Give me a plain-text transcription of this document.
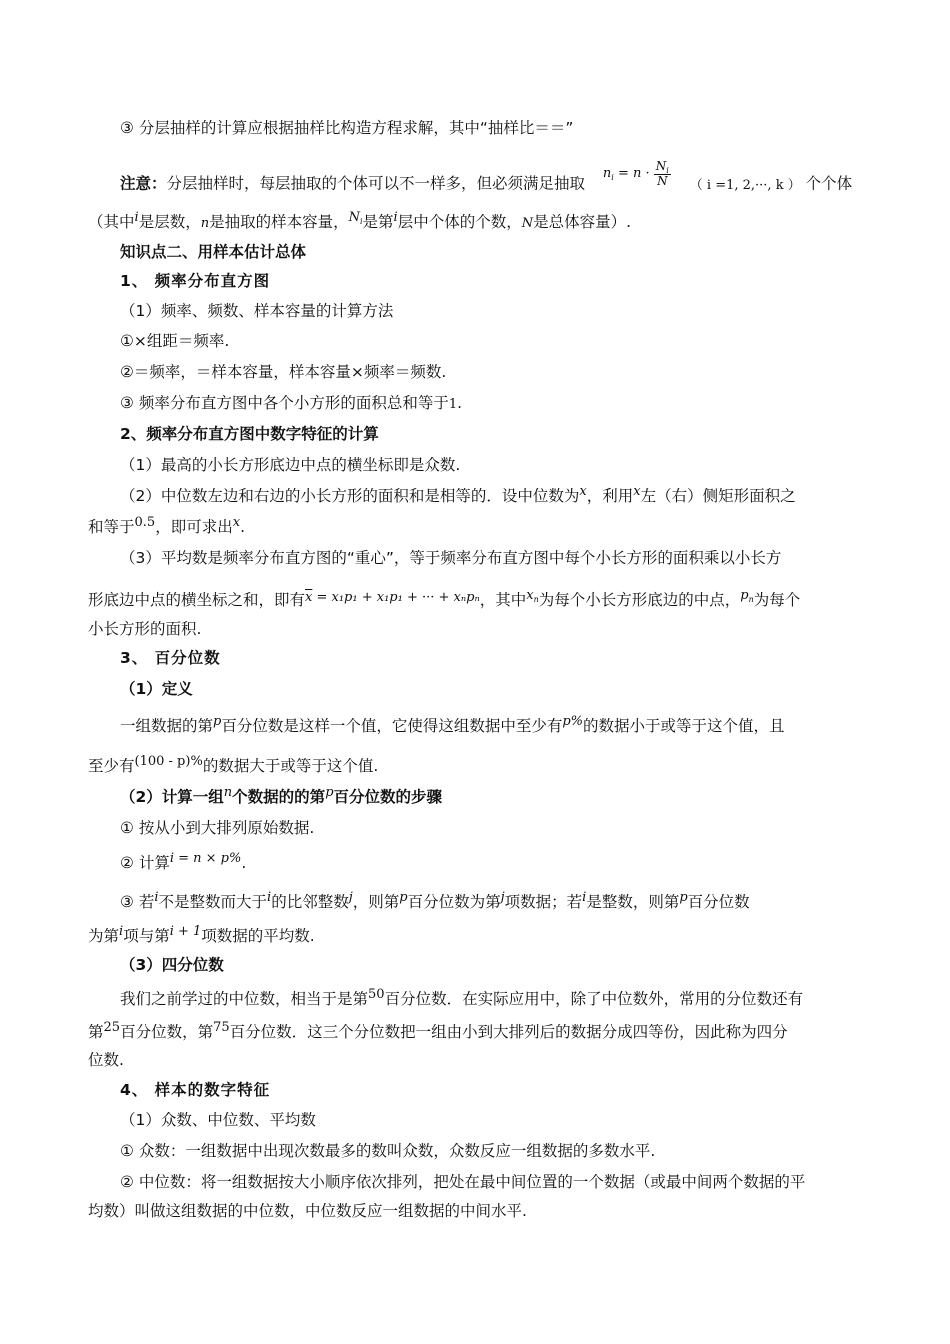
③ 分层抽样的计算应根据抽样比构造方程求解，其中“抽样比＝＝”
注意：分层抽样时，每层抽取的个体可以不一样多，但必须满足抽取  $^{n_i = n \cdot} \frac{N_i}{N}$ （ i =1, 2,···, k ） 个个体
（其中$^i$是层数，n是抽取的样本容量，$^{N_i}$是第$^i$层中个体的个数，N是总体容量）.
知识点二、用样本估计总体
1、 频率分布直方图
（1）频率、频数、样本容量的计算方法
①×组距＝频率.
②＝频率，＝样本容量，样本容量×频率＝频数.
③ 频率分布直方图中各个小方形的面积总和等于1.
2、频率分布直方图中数字特征的计算
（1）最高的小长方形底边中点的横坐标即是众数.
（2）中位数左边和右边的小长方形的面积和是相等的．设中位数为$^x$，利用$^x$左（右）侧矩形面积之
和等于$^{0.5}$，即可求出$^x$.
（3）平均数是频率分布直方图的“重心”，等于频率分布直方图中每个小长方形的面积乘以小长方
形底边中点的横坐标之和，即有$^{\overline{x} = x_1p_1 + x_1p_1 + \cdot\cdot\cdot + x_np_n}$，其中$^{x_n}$为每个小长方形底边的中点，$^{p_n}$为每个
小长方形的面积.
3、 百分位数
（1）定义
一组数据的第$^p$百分位数是这样一个值，它使得这组数据中至少有$^{p\%}$的数据小于或等于这个值，且
至少有$^{(100 - p)\%}$的数据大于或等于这个值.
（2）计算一组$^n$个数据的的第$^p$百分位数的步骤
① 按从小到大排列原始数据.
② 计算$^{i = n \times p\%}$.
③ 若$^i$不是整数而大于$^i$的比邻整数$^j$，则第$^p$百分位数为第$^j$项数据；若$^i$是整数，则第$^p$百分位数
为第$^i$项与第$^{i + 1}$项数据的平均数.
（3）四分位数
我们之前学过的中位数，相当于是第$^{50}$百分位数．在实际应用中，除了中位数外，常用的分位数还有
第$^{25}$百分位数，第$^{75}$百分位数．这三个分位数把一组由小到大排列后的数据分成四等份，因此称为四分
位数.
4、 样本的数字特征
（1）众数、中位数、平均数
① 众数：一组数据中出现次数最多的数叫众数，众数反应一组数据的多数水平.
② 中位数：将一组数据按大小顺序依次排列，把处在最中间位置的一个数据（或最中间两个数据的平
均数）叫做这组数据的中位数，中位数反应一组数据的中间水平.
